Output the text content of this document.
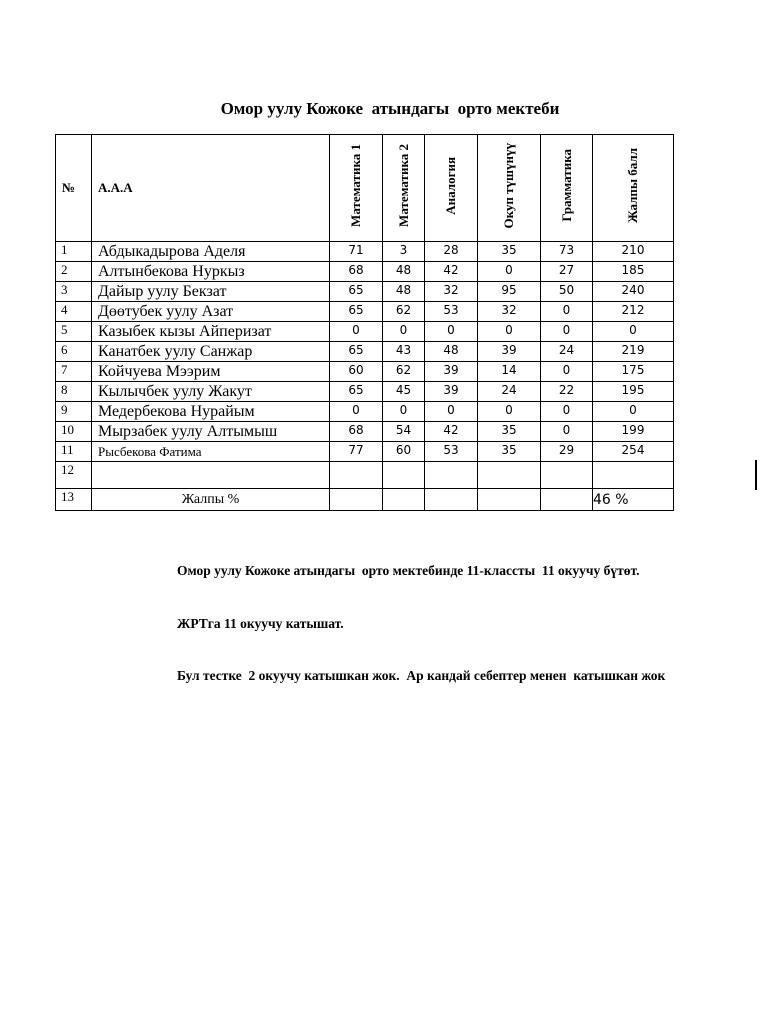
Омор уулу Кожоке  атындагы  орто мектеби
№	А.А.А	Математика 1	Математика 2	Аналогия	Окуп түшүнүү	Грамматика	Жалпы балл
1	Абдыкадырова Аделя	71	3	28	35	73	210
2	Алтынбекова Нуркыз	68	48	42	0	27	185
3	Дайыр уулу Бекзат	65	48	32	95	50	240
4	Дөөтубек уулу Азат	65	62	53	32	0	212
5	Казыбек кызы Айперизат	0	0	0	0	0	0
6	Канатбек уулу Санжар	65	43	48	39	24	219
7	Койчуева Мээрим	60	62	39	14	0	175
8	Кылычбек уулу Жакут	65	45	39	24	22	195
9	Медербекова Нурайым	0	0	0	0	0	0
10	Мырзабек уулу Алтымыш	68	54	42	35	0	199
11	Рысбекова Фатима	77	60	53	35	29	254
12							
13	Жалпы %						46 %

Омор уулу Кожоке атындагы  орто мектебинде 11-классты  11 окуучу бүтөт.

ЖРТга 11 окуучу катышат.

Бул тестке  2 окуучу катышкан жок.  Ар кандай себептер менен  катышкан жок
